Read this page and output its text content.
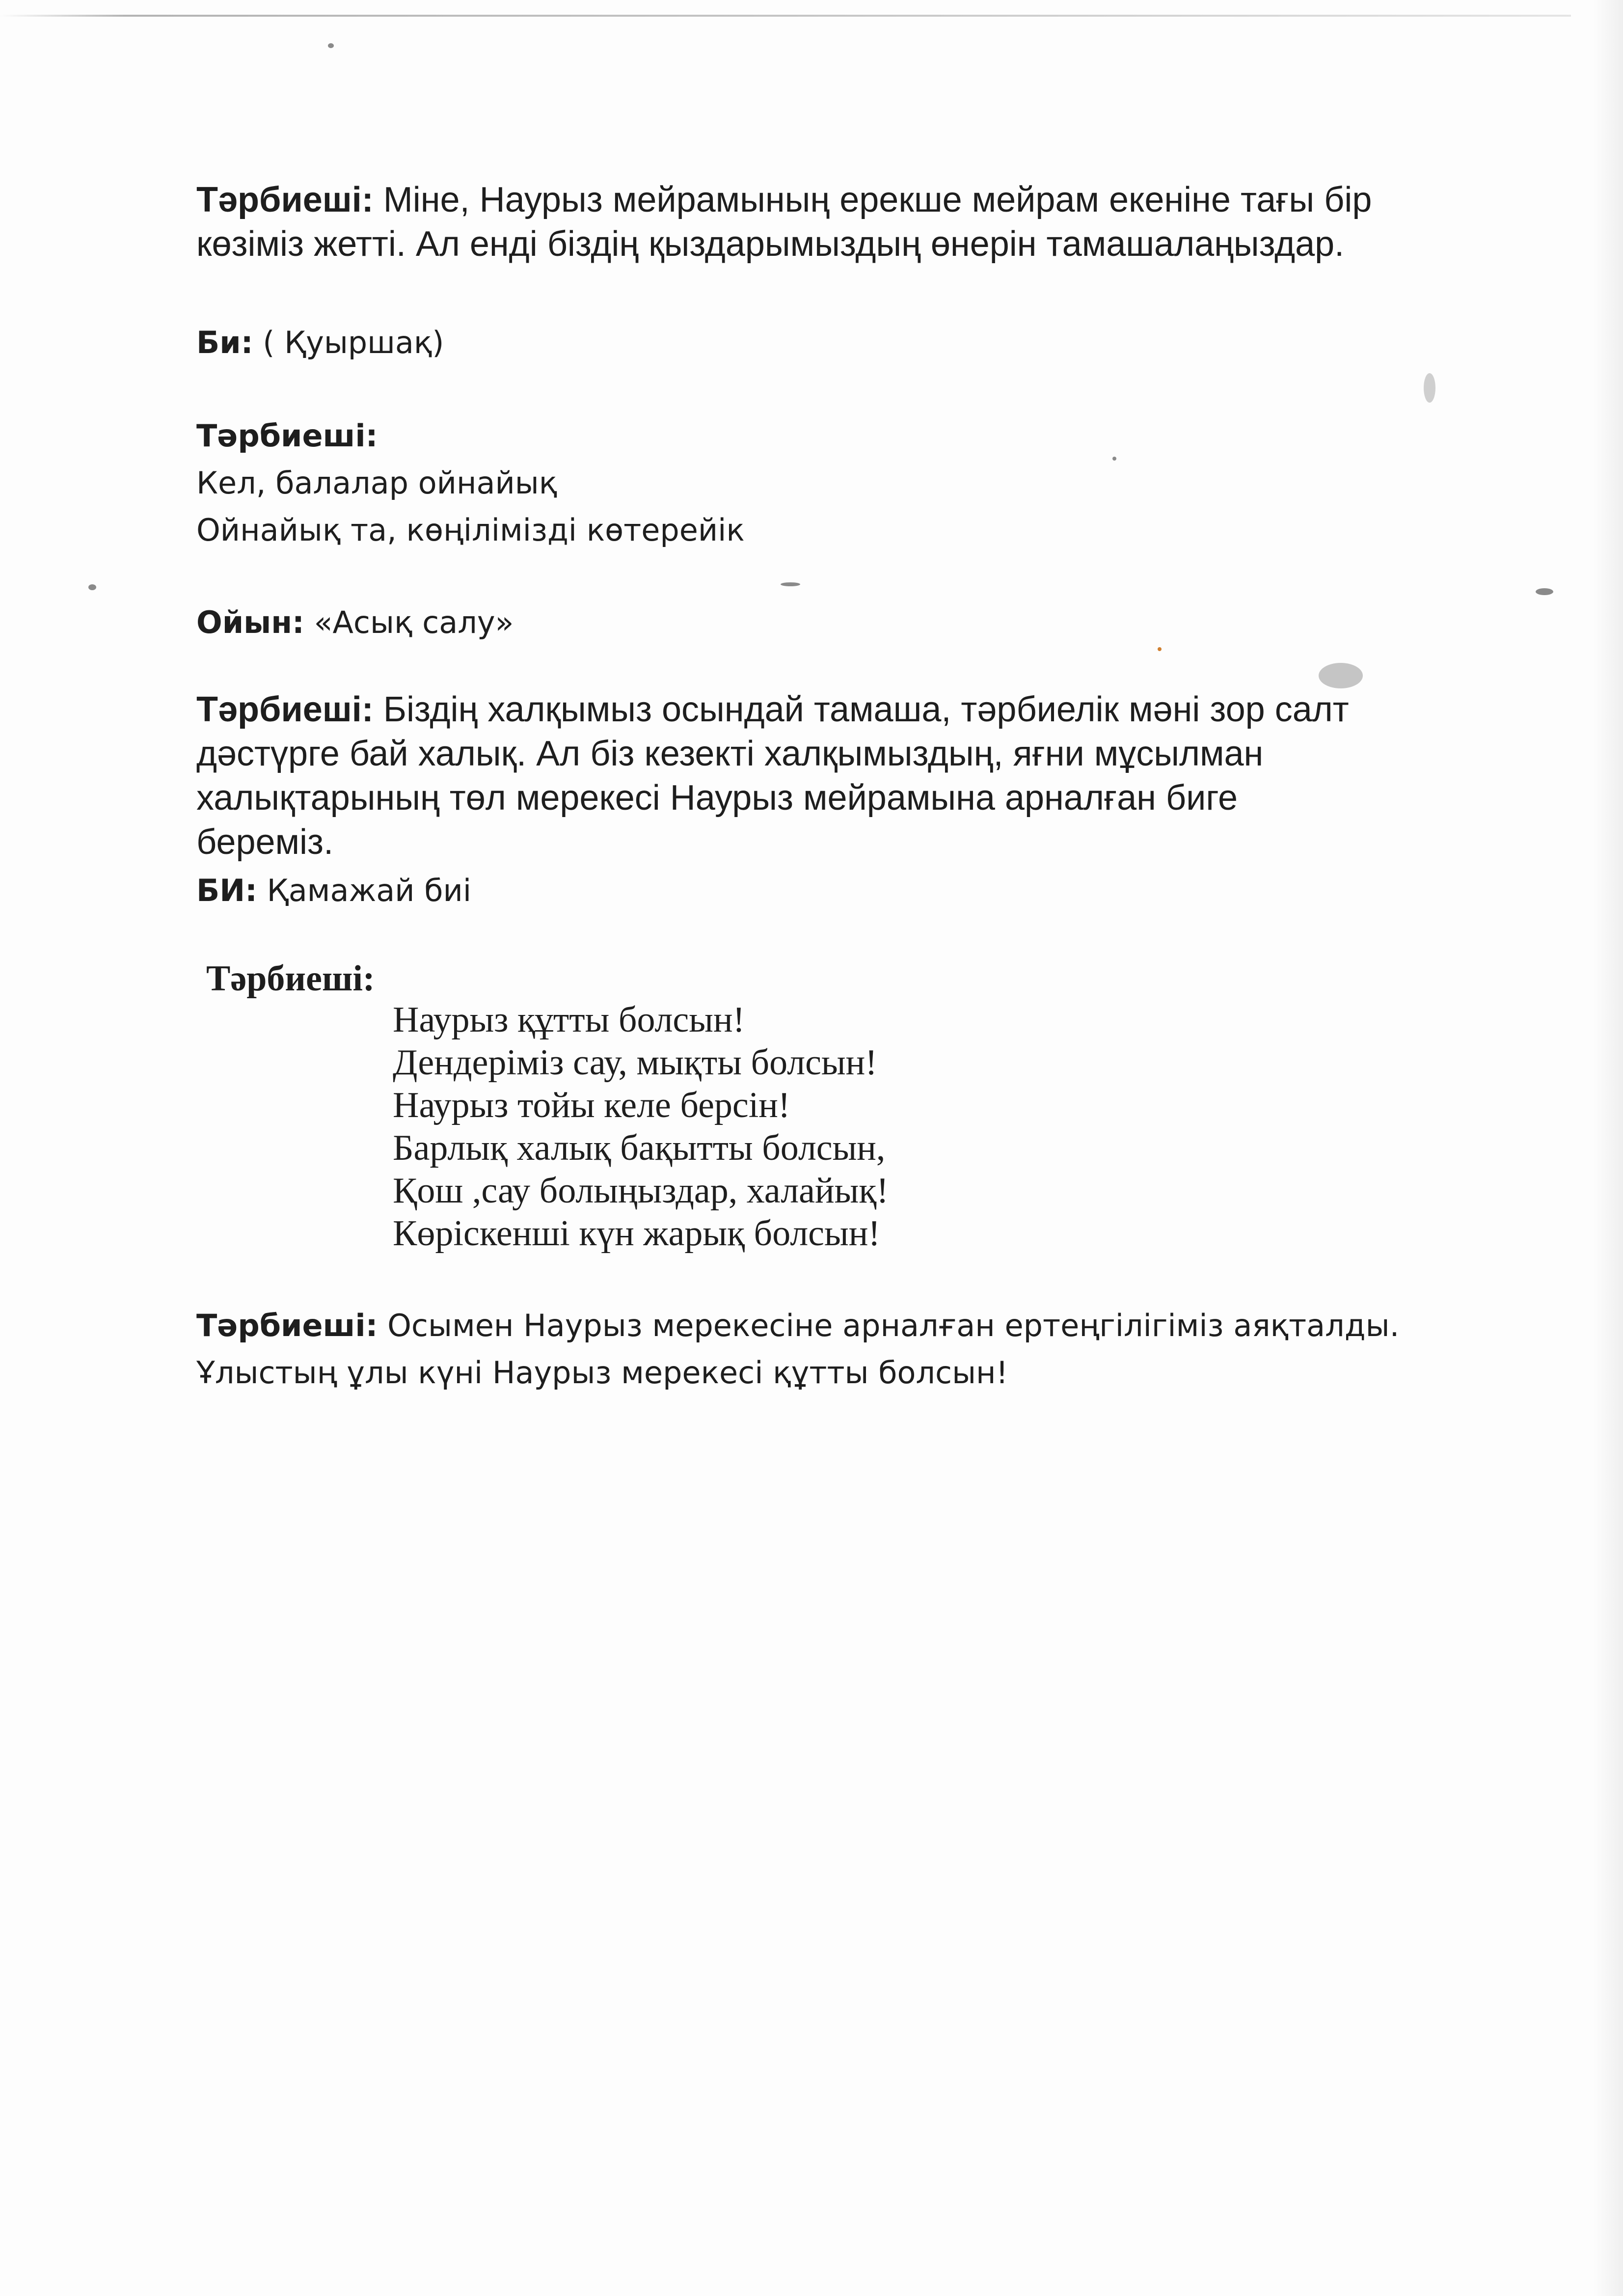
Тәрбиеші: Міне, Наурыз мейрамының ерекше мейрам екеніне тағы бір
көзіміз жетті. Ал енді біздің қыздарымыздың өнерін тамашалаңыздар.
Би: ( Қуыршақ)
Тәрбиеші:
Кел, балалар ойнайық
Ойнайық та, көңілімізді көтерейік
Ойын: «Асық салу»
Тәрбиеші: Біздің халқымыз осындай тамаша, тәрбиелік мәні зор салт
дәстүрге бай халық. Ал біз кезекті халқымыздың, яғни мұсылман
халықтарының төл мерекесі Наурыз мейрамына арналған биге
береміз.
БИ: Қамажай биі
Тәрбиеші:
Наурыз құтты болсын!
Дендеріміз сау, мықты болсын!
Наурыз тойы келе берсін!
Барлық халық бақытты болсын,
Қош ,сау болыңыздар, халайық!
Көріскенші күн жарық болсын!
Тәрбиеші: Осымен Наурыз мерекесіне арналған ертеңгілігіміз аяқталды.
Ұлыстың ұлы күні Наурыз мерекесі құтты болсын!
